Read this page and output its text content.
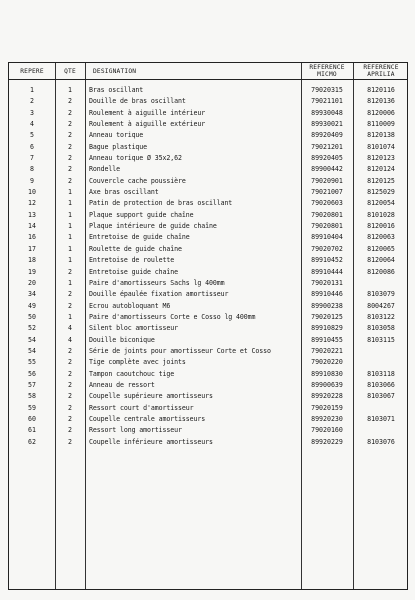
REPERE	QTE	DESIGNATION	REFERENCE
MICMO
REFERENCE
APRILIA
1	1	Bras oscillant	79020315	8120116
2	2	Douille de bras oscillant	79021101	8120136
3	2	Roulement à aiguille intérieur	89930048	8120006
4	2	Roulement à aiguille extérieur	89930021	8110009
5	2	Anneau torique	89920409	8120138
6	2	Bague plastique	79021201	8101074
7	2	Anneau torique Ø 35x2,62	89920405	8120123
8	2	Rondelle	89900442	8120124
9	2	Couvercle cache poussière	79020901	8120125
10	1	Axe bras oscillant	79021007	8125029
12	1	Patin de protection de bras oscillant	79020603	8120054
13	1	Plaque support guide chaîne	79020801	8101028
14	1	Plaque intérieure de guide chaîne	79020801	8120016
16	1	Entretoise de guide chaîne	89910404	8120063
17	1	Roulette de guide chaîne	79020702	8120065
18	1	Entretoise de roulette	89910452	8120064
19	2	Entretoise guide chaîne	89910444	8120086
20	1	Paire d'amortisseurs Sachs lg 400mm	79020131
34	2	Douille épaulée fixation amortisseur	89910446	8103079
49	2	Ecrou autobloquant M6	89900238	8004267
50	1	Paire d'amortisseurs Corte e Cosso lg 400mm	79020125	8103122
52	4	Silent bloc amortisseur	89910829	8103058
54	4	Douille biconique	89910455	8103115
54	2	Série de joints pour amortisseur Corte et Cosso	79020221
55	2	Tige complète avec joints	79020220
56	2	Tampon caoutchouc tige	89910830	8103118
57	2	Anneau de ressort	89900639	8103066
58	2	Coupelle supérieure amortisseurs	89920228	8103067
59	2	Ressort court d'amortisseur	79020159
60	2	Coupelle centrale amortisseurs	89920230	8103071
61	2	Ressort long amortisseur	79020160
62	2	Coupelle inférieure amortisseurs	89920229	8103076
